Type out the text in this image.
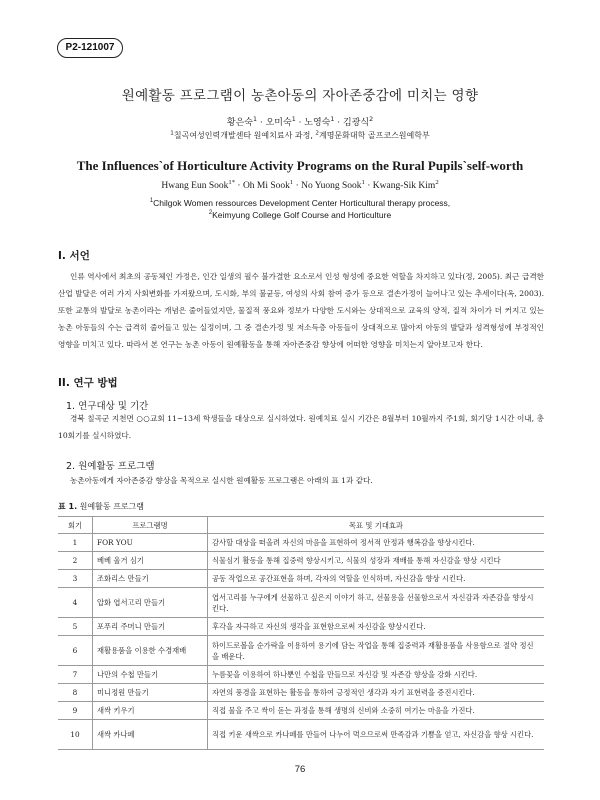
P2-121007
원예활동 프로그램이 농촌아동의 자아존중감에 미치는 영향
황은숙$^1$ · 오미숙$^1$ · 노영숙$^1$ · 김광식$^2$
$^1$칠곡여성인력개발센타 원예치료사 과정, $^2$계명문화대학 골프코스원예학부
The Influences`of Horticulture Activity Programs on the Rural Pupils`self-worth
Hwang Eun Sook$^{1*}$ · Oh Mi Sook$^1$ · No Yuong Sook$^1$ · Kwang-Sik Kim$^2$
$^1$Chilgok Women ressources Development Center Horticultural therapy process,
$^2$Keimyung College Golf Course and Horticulture
I. 서언

인류 역사에서 최초의 공동체인 가정은, 인간 일생의 필수 불가결한 요소로서 인성 형성에 중요한 역할을 차지하고 있다(정, 2005). 최근 급격한 산업 발달은 여러 가지 사회변화를 가져왔으며, 도시화, 부의 불균등, 여성의 사회 참여 증가 등으로 결손가정이 늘어나고 있는 추세이다(옥, 2003). 또한 교통의 발달로 농촌이라는 개념은 줄어들었지만, 물질적 풍요와 정보가 다양한 도시와는 상대적으로 교육의 양적, 질적 차이가 더 커지고 있는 농촌 아동들의 수는 급격히 줄어들고 있는 실정이며, 그 중 결손가정 및 저소득층 아동들이 상대적으로 많아져 아동의 발달과 성격형성에 부정적인 영향을 미치고 있다. 따라서 본 연구는 농촌 아동이 원예활동을 통해 자아존중감 향상에 어떠한 영향을 미치는지 알아보고자 한다.

II. 연구 방법
1. 연구대상 및 기간

경북 칠곡군 지천면 ○○교회 11~13세 학생들을 대상으로 실시하였다. 원예치료 실시 기간은 8월부터 10월까지 주1회, 회기당 1시간 이내, 총10회기를 실시하였다.

2. 원예활동 프로그램

농촌아동에게 자아존중감 향상을 목적으로 실시한 원예활동 프로그램은 아래의 표 1과 같다.

표 1. 원예활동 프로그램
회기	프로그램명	목표 및 기대효과
1	FOR YOU	감사할 대상을 떠올려 자신의 마음을 표현하여 정서적 안정과 행복감을 향상시킨다.
2	베베 울거 심기	식물심기 활동을 통해 집중력 향상시키고, 식물의 성장과 재배를 통해 자신감을 향상 시킨다
3	조화리스 만들기	공동 작업으로 공간표현을 하며, 각자의 역할을 인식하며, 자신감을 향상 시킨다.
4	압화 엽서고리 만들기	엽서고리를 누구에게 선물하고 싶은지 이야기 하고, 선물용을 선물함으로서 자신감과 자존감을 향상시킨다.
5	포푸리 주머니 만들기	후각을 자극하고 자신의 생각을 표현함으로써 자신감을 향상시킨다.
6	재활용품을 이용한 수경재배	하이드로볼을 순가락을 이용하여 용기에 담는 작업을 통해 집중력과 재활용품을 사용함으로 절약 정신을 배운다.
7	나만의 수첩 만들기	누름꽃을 이용하여 하나뿐인 수첩을 만들므로 자신감 및 자존감 향상을 강화 시킨다.
8	미니정원 만들기	자연의 풍경을 표현하는 활동을 통하여 긍정적인 생각과 자기 표현력을 증진시킨다.
9	새싹 키우기	직접 물을 주고 싹이 돋는 과정을 통해 생명의 신비와 소중히 여기는 마음을 가진다.
10	새싹 카나페	직접 키운 새싹으로 카나페를 만들어 나누어 먹으므로써 만족감과 기쁨을 얻고, 자신감을 향상 시킨다.
76
